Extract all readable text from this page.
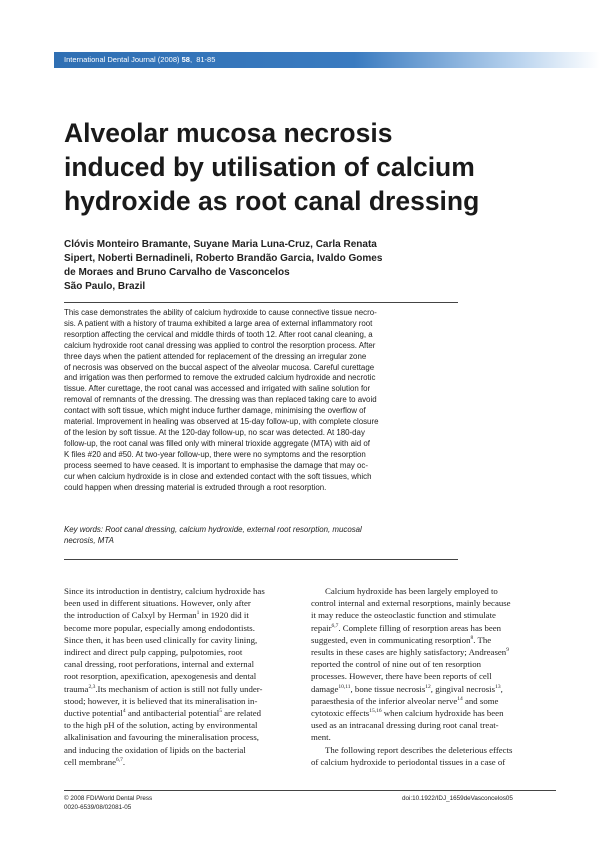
International Dental Journal (2008) 58,  81-85
Alveolar mucosa necrosis
induced by utilisation of calcium
hydroxide as root canal dressing
Clóvis Monteiro Bramante, Suyane Maria Luna-Cruz, Carla Renata
Sipert, Noberti Bernadineli, Roberto Brandão Garcia, Ivaldo Gomes
de Moraes and Bruno Carvalho de Vasconcelos
São Paulo, Brazil
This case demonstrates the ability of calcium hydroxide to cause connective tissue necro-
sis. A patient with a history of trauma exhibited a large area of external inflammatory root
resorption affecting the cervical and middle thirds of tooth 12. After root canal cleaning, a
calcium hydroxide root canal dressing was applied to control the resorption process. After
three days when the patient attended for replacement of the dressing an irregular zone
of necrosis was observed on the buccal aspect of the alveolar mucosa. Careful curettage
and irrigation was then performed to remove the extruded calcium hydroxide and necrotic
tissue. After curettage, the root canal was accessed and irrigated with saline solution for
removal of remnants of the dressing. The dressing was than replaced taking care to avoid
contact with soft tissue, which might induce further damage, minimising the overflow of
material. Improvement in healing was observed at 15-day follow-up, with complete closure
of the lesion by soft tissue. At the 120-day follow-up, no scar was detected. At 180-day
follow-up, the root canal was filled only with mineral trioxide aggregate (MTA) with aid of
K files #20 and #50. At two-year follow-up, there were no symptoms and the resorption
process seemed to have ceased. It is important to emphasise the damage that may oc-
cur when calcium hydroxide is in close and extended contact with the soft tissues, which
could happen when dressing material is extruded through a root resorption.
Key words: Root canal dressing, calcium hydroxide, external root resorption, mucosal
necrosis, MTA
Since its introduction in dentistry, calcium hydroxide has
been used in different situations. However, only after
the introduction of Calxyl by Herman$^1$ in 1920 did it
become more popular, especially among endodontists.
Since then, it has been used clinically for cavity lining,
indirect and direct pulp capping, pulpotomies, root
canal dressing, root perforations, internal and external
root resorption, apexification, apexogenesis and dental
trauma$^{2,3}$.Its mechanism of action is still not fully under-
stood; however, it is believed that its mineralisation in-
ductive potential$^4$ and antibacterial potential$^5$ are related
to the high pH of the solution, acting by environmental
alkalinisation and favouring the mineralisation process,
and inducing the oxidation of lipids on the bacterial
cell membrane$^{6,7}$.
Calcium hydroxide has been largely employed to
control internal and external resorptions, mainly because
it may reduce the osteoclastic function and stimulate
repair$^{6,7}$. Complete filling of resorption areas has been
suggested, even in communicating resorption$^8$. The
results in these cases are highly satisfactory; Andreasen$^9$
reported the control of nine out of ten resorption
processes. However, there have been reports of cell
damage$^{10,11}$, bone tissue necrosis$^{12}$, gingival necrosis$^{13}$,
paraesthesia of the inferior alveolar nerve$^{14}$ and some
cytotoxic effects$^{15,16}$ when calcium hydroxide has been
used as an intracanal dressing during root canal treat-
ment.
The following report describes the deleterious effects
of calcium hydroxide to periodontal tissues in a case of
© 2008 FDI/World Dental Press
0020-6539/08/02081-05
doi:10.1922/IDJ_1659deVasconcelos05
